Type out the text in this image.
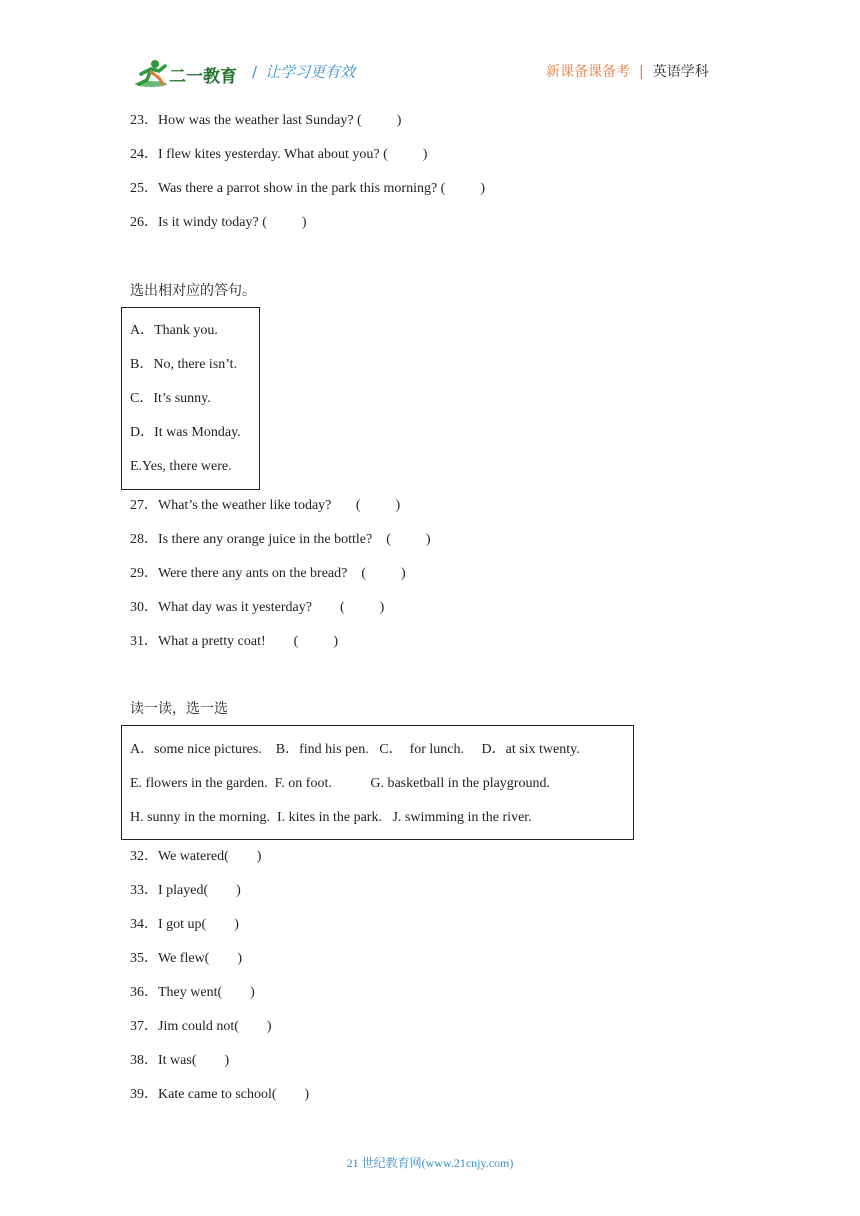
二一教育 / 让学习更有效	新课备课备考 | 英语学科
23．How was the weather last Sunday? (          )
24．I flew kites yesterday. What about you? (          )
25．Was there a parrot show in the park this morning? (          )
26．Is it windy today? (          )
选出相对应的答句。
A．Thank you.
B．No, there isn’t.
C．It’s sunny.
D．It was Monday.
E.Yes, there were.
27．What’s the weather like today?       (          )
28．Is there any orange juice in the bottle?    (          )
29．Were there any ants on the bread?    (          )
30．What day was it yesterday?        (          )
31．What a pretty coat!        (          )
读一读，选一选
A．some nice pictures.    B．find his pen.   C．  for lunch.     D．at six twenty.
E. flowers in the garden.  F. on foot.           G. basketball in the playground.
H. sunny in the morning.  I. kites in the park.   J. swimming in the river.
32．We watered(        )
33．I played(        )
34．I got up(        )
35．We flew(        )
36．They went(        )
37．Jim could not(        )
38．It was(        )
39．Kate came to school(        )
21 世纪教育网(www.21cnjy.com)
